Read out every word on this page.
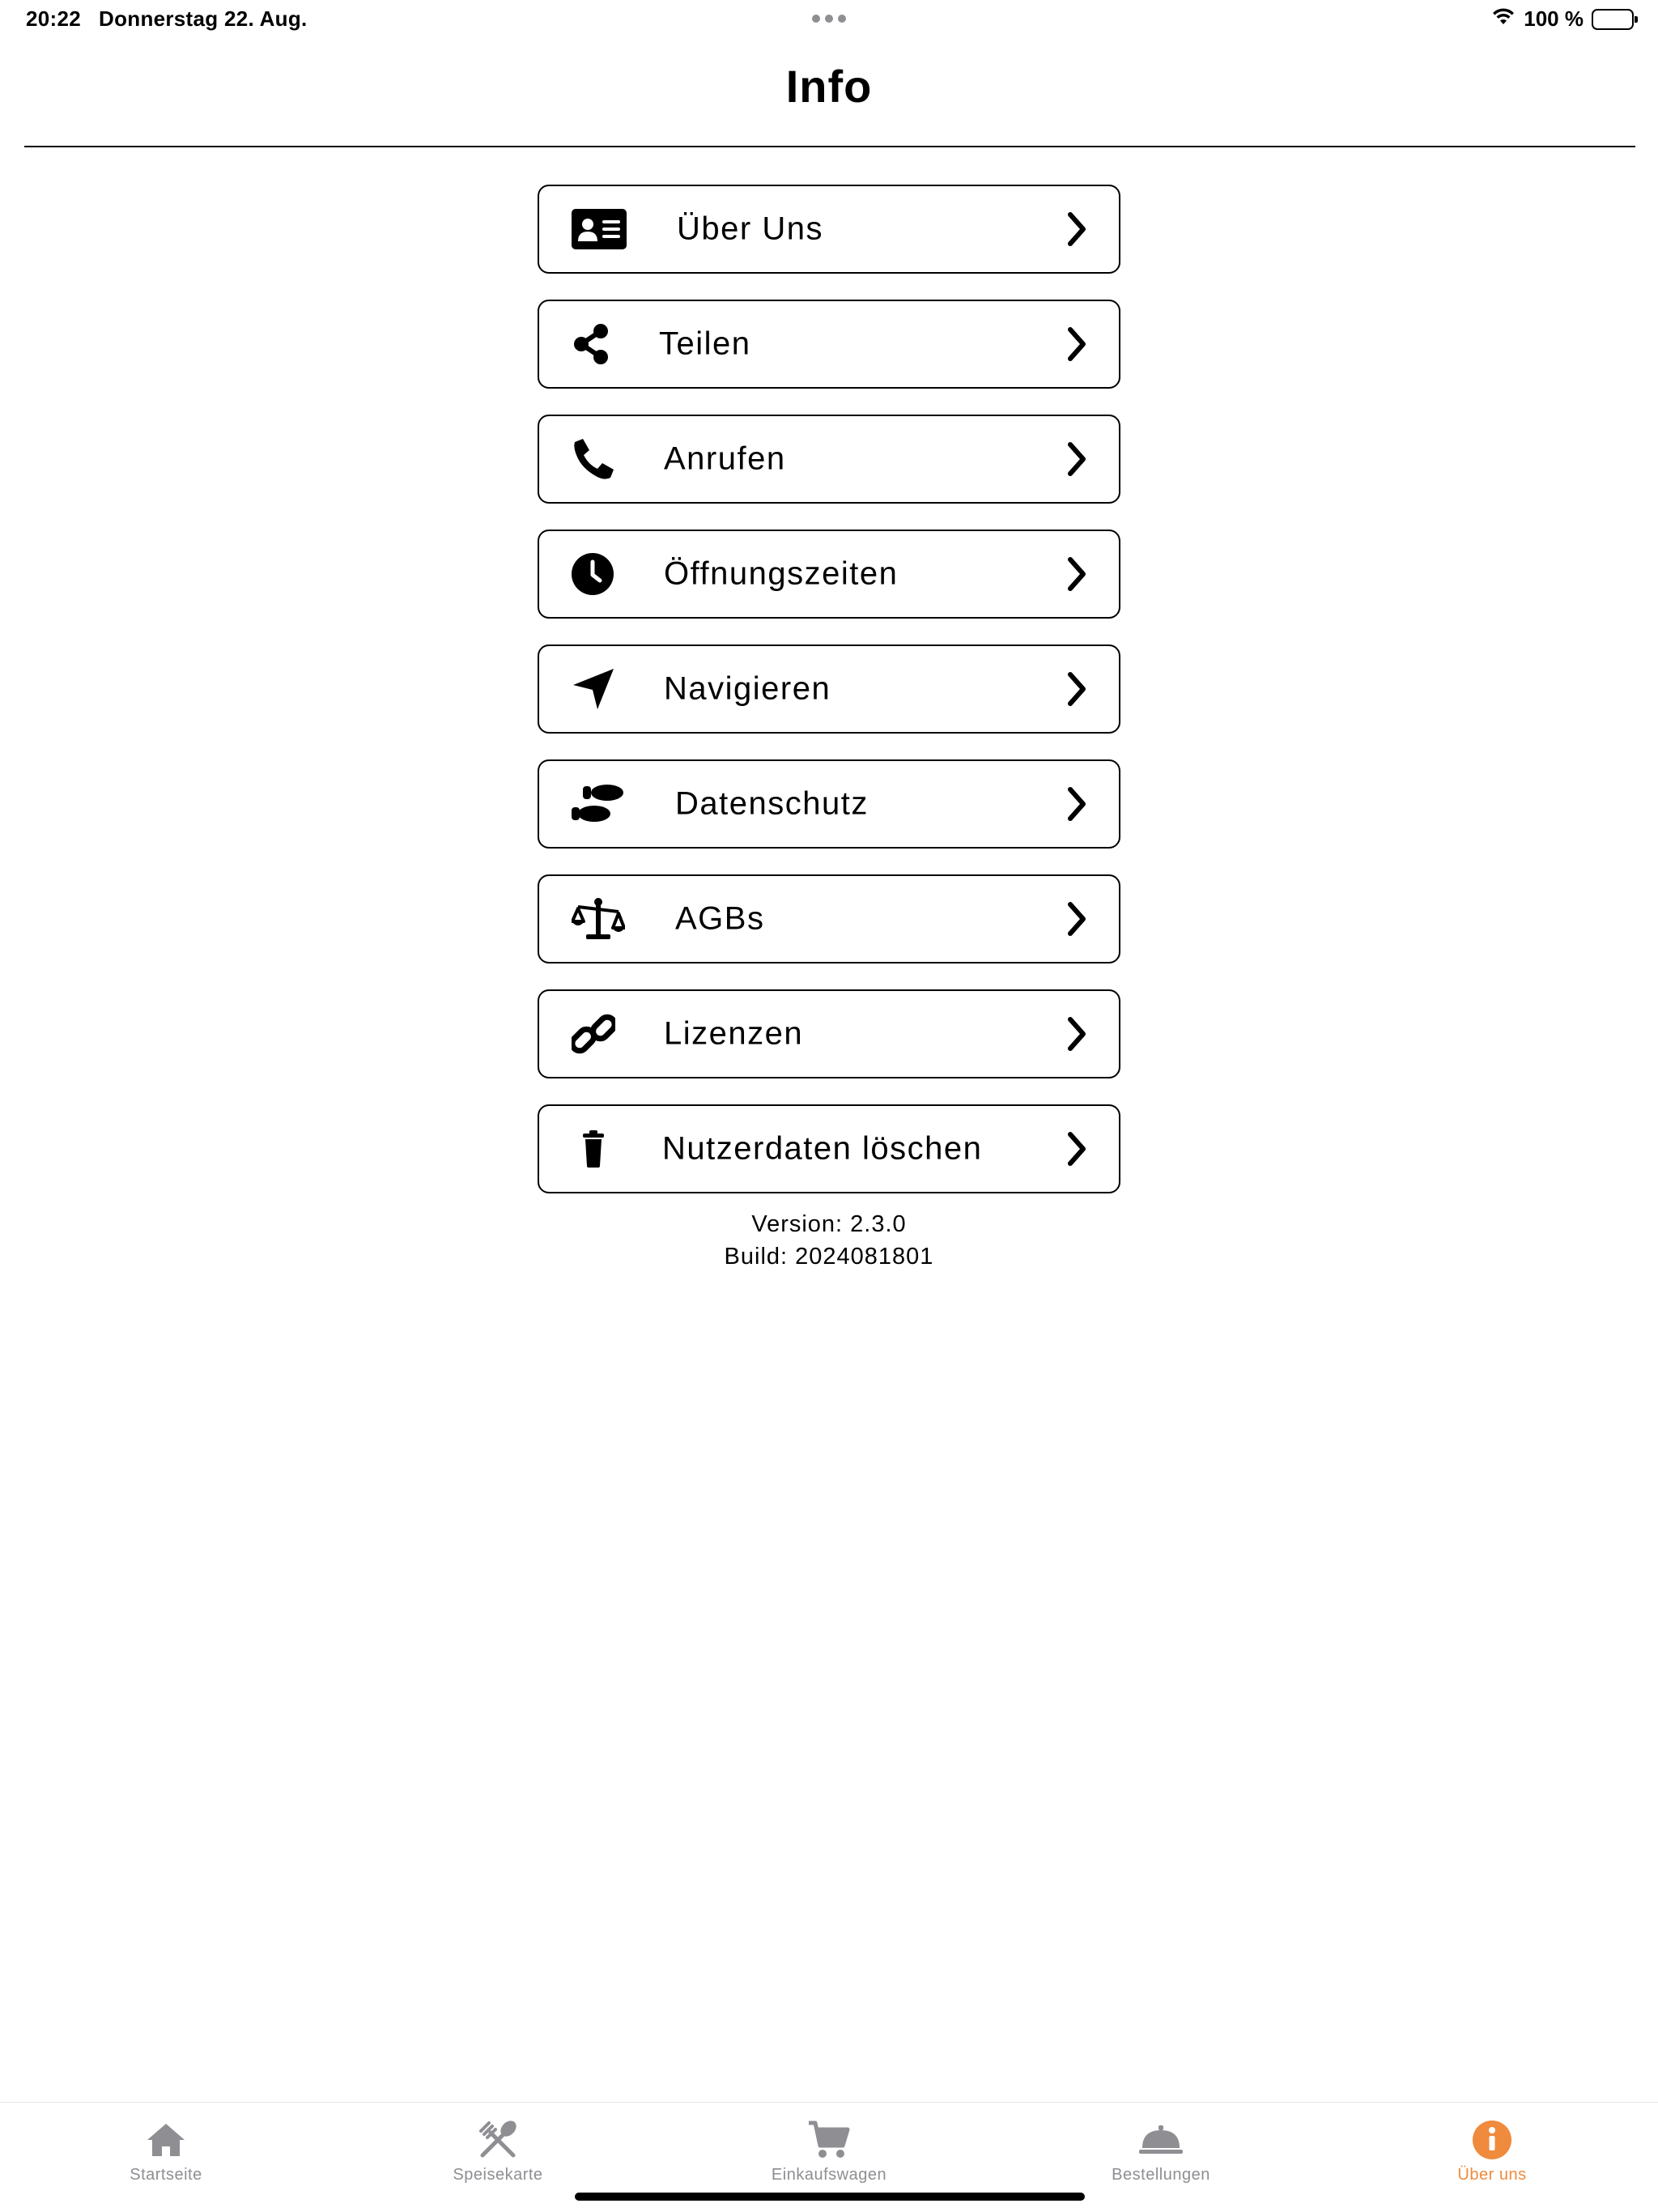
20:22 Donnerstag 22. Aug.	100 %
Info
Über Uns
Teilen
Anrufen
Öffnungszeiten
Navigieren
Datenschutz
AGBs
Lizenzen
Nutzerdaten löschen
Version: 2.3.0
Build: 2024081801
Startseite	Speisekarte	Einkaufswagen	Bestellungen	Über uns
